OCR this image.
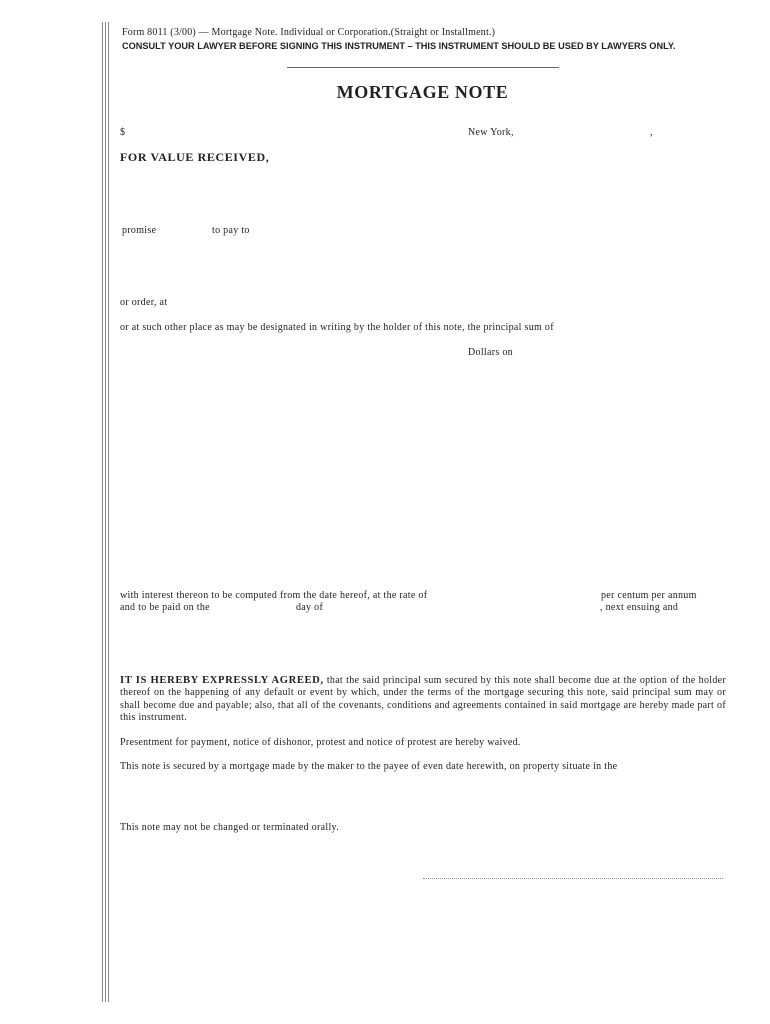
Form 8011 (3/00) — Mortgage Note. Individual or Corporation.(Straight or Installment.)
CONSULT YOUR LAWYER BEFORE SIGNING THIS INSTRUMENT – THIS INSTRUMENT SHOULD BE USED BY LAWYERS ONLY.
MORTGAGE NOTE
$	New York,	,
FOR VALUE RECEIVED,
promise	to pay to
or order, at
or at such other place as may be designated in writing by the holder of this note, the principal sum of
Dollars on
with interest thereon to be computed from the date hereof, at the rate of	per centum per annum
and to be paid on the	day of	, next ensuing and
IT IS HEREBY EXPRESSLY AGREED, that the said principal sum secured by this note shall become due at the option of the holder thereof on the happening of any default or event by which, under the terms of the mortgage securing this note, said principal sum may or shall become due and payable; also, that all of the covenants, conditions and agreements contained in said mortgage are hereby made part of this instrument.
Presentment for payment, notice of dishonor, protest and notice of protest are hereby waived.
This note is secured by a mortgage made by the maker to the payee of even date herewith, on property situate in the
This note may not be changed or terminated orally.
